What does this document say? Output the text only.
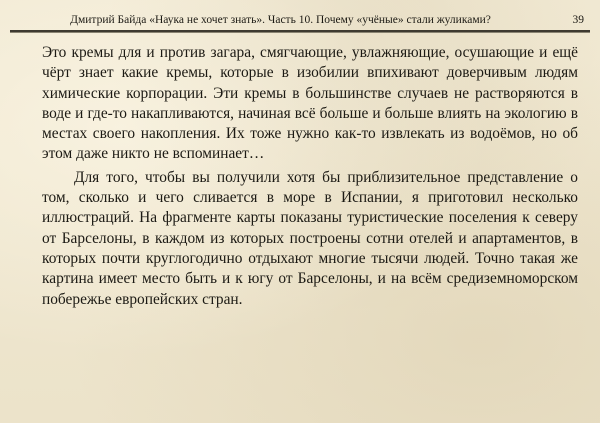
Дмитрий Байда «Наука не хочет знать». Часть 10. Почему «учёные» стали жуликами?	39

Это кремы для и против загара, смягчающие, увлажняющие, осушающие и ещё чёрт знает какие кремы, которые в изобилии впихивают доверчивым людям химические корпорации. Эти кремы в большинстве случаев не растворяются в воде и где-то накапливаются, начиная всё больше и больше влиять на экологию в местах своего накопления. Их тоже нужно как-то извлекать из водоёмов, но об этом даже никто не вспоминает…

Для того, чтобы вы получили хотя бы приблизительное представление о том, сколько и чего сливается в море в Испании, я приготовил несколько иллюстраций. На фрагменте карты показаны туристические поселения к северу от Барселоны, в каждом из которых построены сотни отелей и апартаментов, в которых почти круглогодично отдыхают многие тысячи людей. Точно такая же картина имеет место быть и к югу от Барселоны, и на всём средиземноморском побережье европейских стран.
